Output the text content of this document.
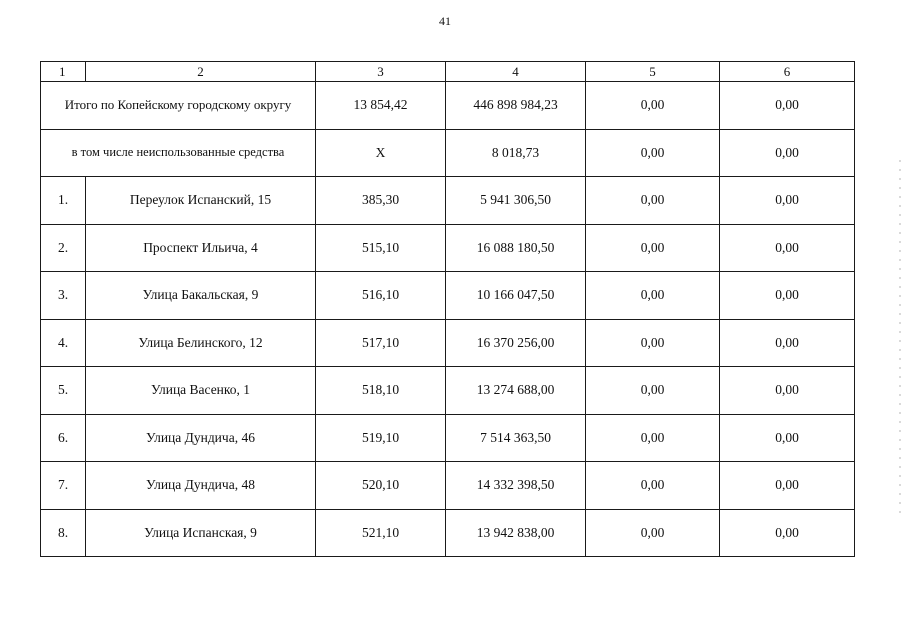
41
1	2	3	4	5	6
Итого по Копейскому городскому округу		13 854,42	446 898 984,23	0,00	0,00
в том числе неиспользованные средства		Х	8 018,73	0,00	0,00
1.	Переулок Испанский, 15	385,30	5 941 306,50	0,00	0,00
2.	Проспект Ильича, 4	515,10	16 088 180,50	0,00	0,00
3.	Улица Бакальская, 9	516,10	10 166 047,50	0,00	0,00
4.	Улица Белинского, 12	517,10	16 370 256,00	0,00	0,00
5.	Улица Васенко, 1	518,10	13 274 688,00	0,00	0,00
6.	Улица Дундича, 46	519,10	7 514 363,50	0,00	0,00
7.	Улица Дундича, 48	520,10	14 332 398,50	0,00	0,00
8.	Улица Испанская, 9	521,10	13 942 838,00	0,00	0,00
